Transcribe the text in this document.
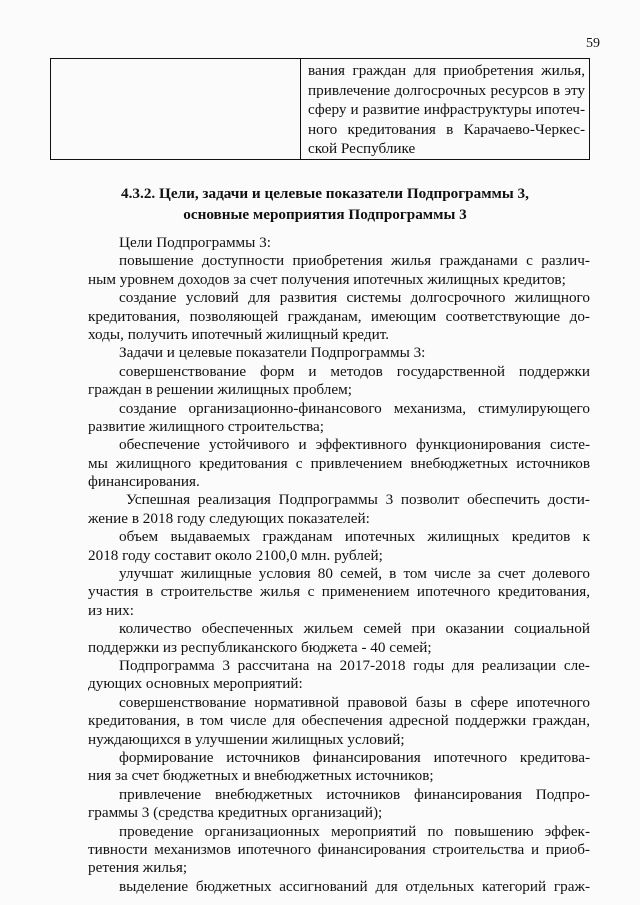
59

вания граждан для приобретения жилья,
привлечение долгосрочных ресурсов в эту
сферу и развитие инфраструктуры ипотеч-
ного кредитования в Карачаево-Черкес-
ской Республике
4.3.2. Цели, задачи и целевые показатели Подпрограммы 3,
основные мероприятия Подпрограммы 3
Цели Подпрограммы 3:
повышение доступности приобретения жилья гражданами с различ-
ным уровнем доходов за счет получения ипотечных жилищных кредитов;
создание условий для развития системы долгосрочного жилищного
кредитования, позволяющей гражданам, имеющим соответствующие до-
ходы, получить ипотечный жилищный кредит.
Задачи и целевые показатели Подпрограммы 3:
совершенствование форм и методов государственной поддержки
граждан в решении жилищных проблем;
создание организационно-финансового механизма, стимулирующего
развитие жилищного строительства;
обеспечение устойчивого и эффективного функционирования систе-
мы жилищного кредитования с привлечением внебюджетных источников
финансирования.
Успешная реализация Подпрограммы 3 позволит обеспечить дости-
жение в 2018 году следующих показателей:
объем выдаваемых гражданам ипотечных жилищных кредитов к
2018 году составит около 2100,0 млн. рублей;
улучшат жилищные условия 80 семей, в том числе за счет долевого
участия в строительстве жилья с применением ипотечного кредитования,
из них:
количество обеспеченных жильем семей при оказании социальной
поддержки из республиканского бюджета - 40 семей;
Подпрограмма 3 рассчитана на 2017-2018 годы для реализации сле-
дующих основных мероприятий:
совершенствование нормативной правовой базы в сфере ипотечного
кредитования, в том числе для обеспечения адресной поддержки граждан,
нуждающихся в улучшении жилищных условий;
формирование источников финансирования ипотечного кредитова-
ния за счет бюджетных и внебюджетных источников;
привлечение внебюджетных источников финансирования Подпро-
граммы 3 (средства кредитных организаций);
проведение организационных мероприятий по повышению эффек-
тивности механизмов ипотечного финансирования строительства и приоб-
ретения жилья;
выделение бюджетных ассигнований для отдельных категорий граж-
